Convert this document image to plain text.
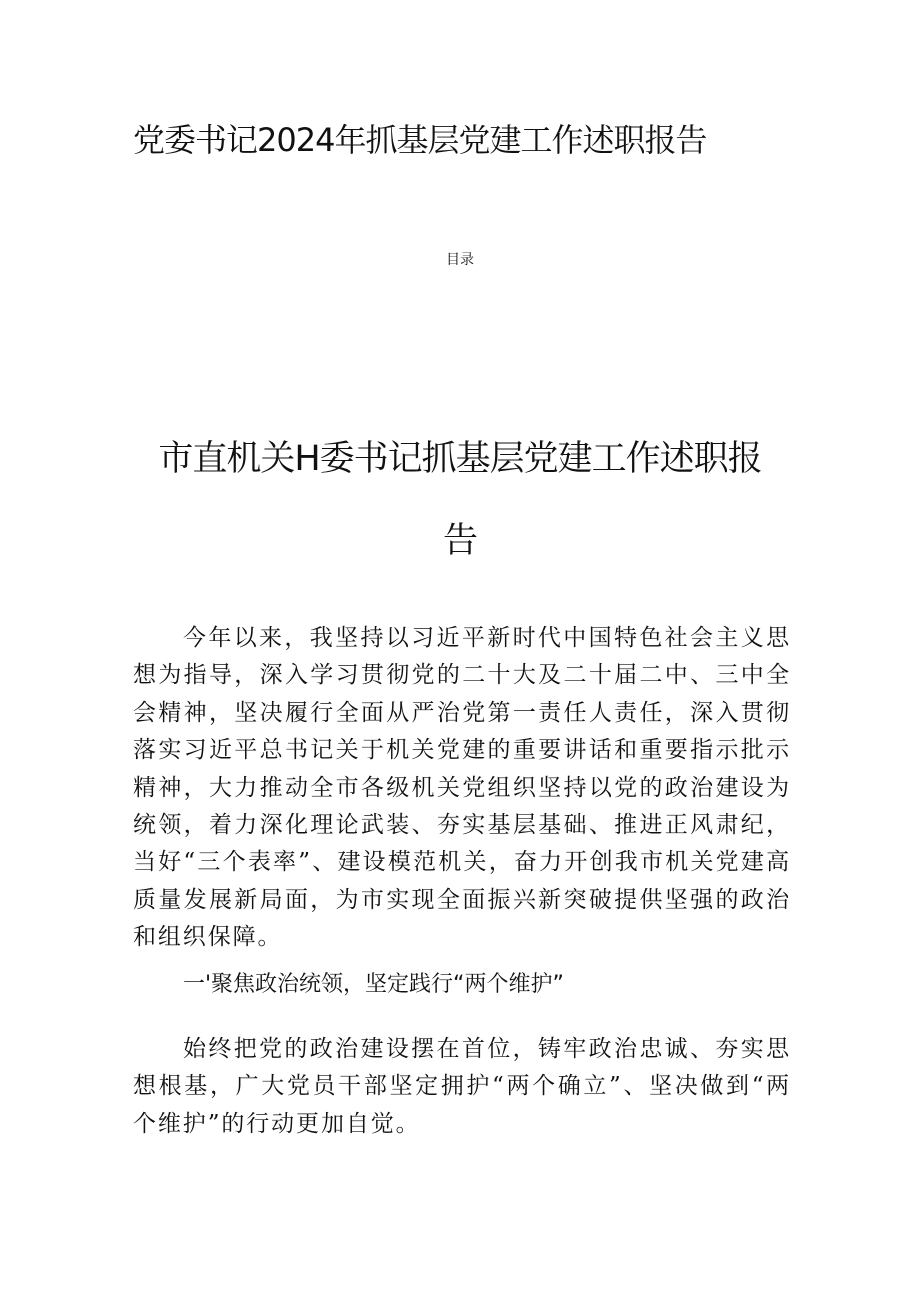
党委书记2024年抓基层党建工作述职报告
目录
市直机关H委书记抓基层党建工作述职报告

今年以来，我坚持以习近平新时代中国特色社会主义思想为指导，深入学习贯彻党的二十大及二十届二中、三中全会精神，坚决履行全面从严治党第一责任人责任，深入贯彻落实习近平总书记关于机关党建的重要讲话和重要指示批示精神，大力推动全市各级机关党组织坚持以党的政治建设为统领，着力深化理论武装、夯实基层基础、推进正风肃纪，当好“三个表率”、建设模范机关，奋力开创我市机关党建高质量发展新局面，为市实现全面振兴新突破提供坚强的政治和组织保障。

一'聚焦政治统领，坚定践行“两个维护”

始终把党的政治建设摆在首位，铸牢政治忠诚、夯实思想根基，广大党员干部坚定拥护“两个确立”、坚决做到“两个维护”的行动更加自觉。
